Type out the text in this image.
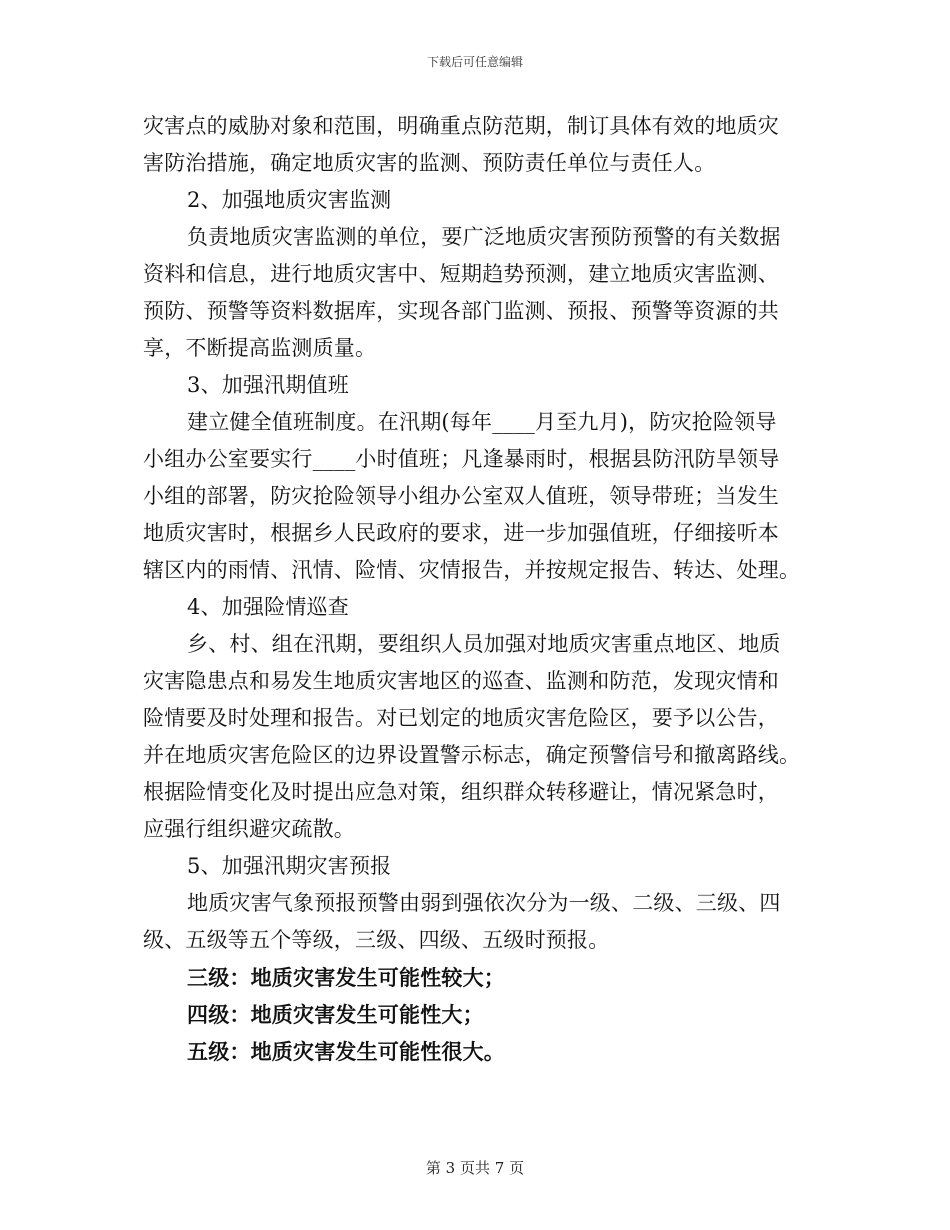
下载后可任意编辑
灾害点的威胁对象和范围，明确重点防范期，制订具体有效的地质灾
害防治措施，确定地质灾害的监测、预防责任单位与责任人。
2、加强地质灾害监测
负责地质灾害监测的单位，要广泛地质灾害预防预警的有关数据
资料和信息，进行地质灾害中、短期趋势预测，建立地质灾害监测、
预防、预警等资料数据库，实现各部门监测、预报、预警等资源的共
享，不断提高监测质量。
3、加强汛期值班
建立健全值班制度。在汛期(每年____月至九月)，防灾抢险领导
小组办公室要实行____小时值班；凡逢暴雨时，根据县防汛防旱领导
小组的部署，防灾抢险领导小组办公室双人值班，领导带班；当发生
地质灾害时，根据乡人民政府的要求，进一步加强值班，仔细接听本
辖区内的雨情、汛情、险情、灾情报告，并按规定报告、转达、处理。
4、加强险情巡查
乡、村、组在汛期，要组织人员加强对地质灾害重点地区、地质
灾害隐患点和易发生地质灾害地区的巡查、监测和防范，发现灾情和
险情要及时处理和报告。对已划定的地质灾害危险区，要予以公告，
并在地质灾害危险区的边界设置警示标志，确定预警信号和撤离路线。
根据险情变化及时提出应急对策，组织群众转移避让，情况紧急时，
应强行组织避灾疏散。
5、加强汛期灾害预报
地质灾害气象预报预警由弱到强依次分为一级、二级、三级、四
级、五级等五个等级，三级、四级、五级时预报。
三级：地质灾害发生可能性较大；
四级：地质灾害发生可能性大；
五级：地质灾害发生可能性很大。
第 3 页共 7 页
